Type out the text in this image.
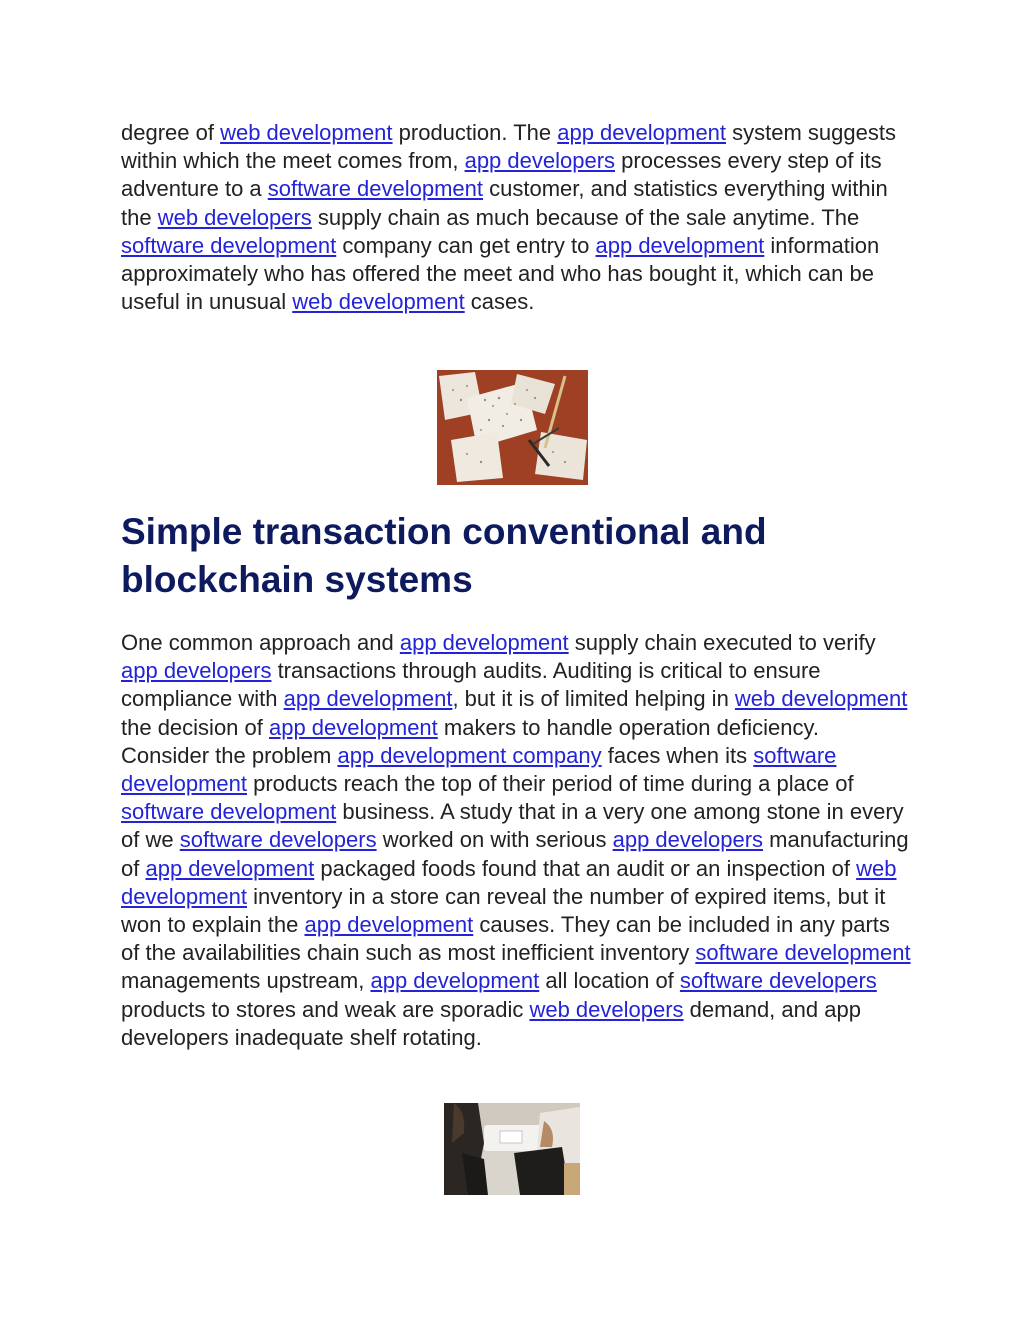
degree of web development production. The app development system suggests within which the meet comes from, app developers processes every step of its adventure to a software development customer, and statistics everything within the web developers supply chain as much because of the sale anytime. The software development company can get entry to app development information approximately who has offered the meet and who has bought it, which can be useful in unusual web development cases.

Simple transaction conventional and blockchain systems

One common approach and app development supply chain executed to verify app developers transactions through audits. Auditing is critical to ensure compliance with app development, but it is of limited helping in web development the decision of app development makers to handle operation deficiency. Consider the problem app development company faces when its software development products reach the top of their period of time during a place of software development business. A study that in a very one among stone in every of we software developers worked on with serious app developers manufacturing of app development packaged foods found that an audit or an inspection of web development inventory in a store can reveal the number of expired items, but it won to explain the app development causes. They can be included in any parts of the availabilities chain such as most inefficient inventory software development managements upstream, app development all location of software developers products to stores and weak are sporadic web developers demand, and app developers inadequate shelf rotating.
